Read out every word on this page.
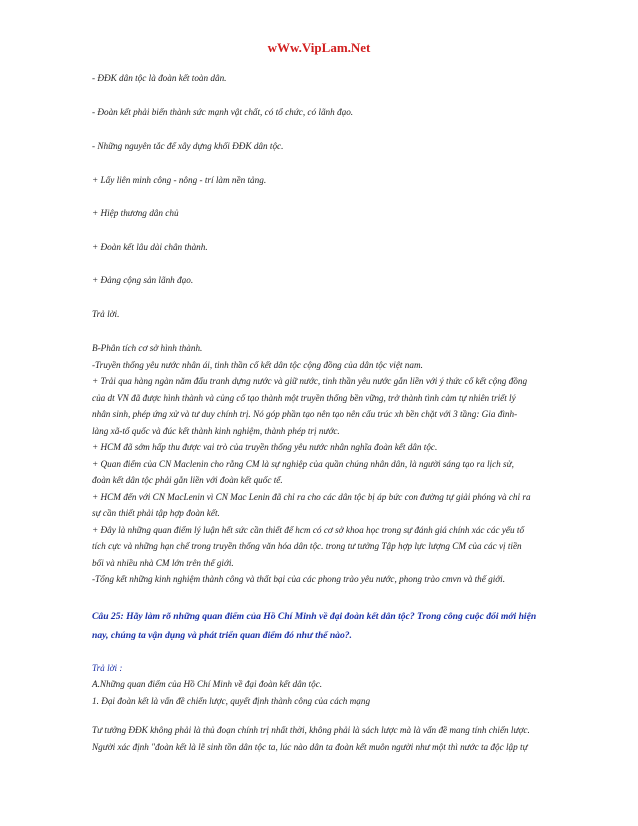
wWw.VipLam.Net
- ĐĐK dân tộc là đoàn kết toàn dân.
- Đoàn kết phải biến thành sức mạnh vật chất, có tổ chức, có lãnh đạo.
- Những nguyên tắc để xây dựng khối ĐĐK dân tộc.
+ Lấy liên minh công - nông - trí làm nền tảng.
+ Hiệp thương dân chủ
+ Đoàn kết lâu dài chân thành.
+ Đảng cộng sản lãnh đạo.
Trả lời.
B-Phân tích cơ sở hình thành.
-Truyền thống yêu nước nhân ái, tinh thần cố kết dân tộc cộng đồng của dân tộc việt nam.
+ Trải qua hàng ngàn năm đấu tranh dựng nước và giữ nước, tinh thần yêu nước gắn liền với ý thức cố kết cộng đồng
của dt VN đã được hình thành và củng cố tạo thành một truyền thống bền vững, trở thành tình cảm tự nhiên triết lý
nhân sinh, phép ứng xử và tư duy chính trị. Nó góp phần tạo nên tạo nên cấu trúc xh bền chặt với 3 tầng: Gia đình-
làng xã-tổ quốc và đúc kết thành kinh nghiệm, thành phép trị nước.
+ HCM đã sớm hấp thu được vai trò của truyền thống yêu nước nhân nghĩa đoàn kết dân tộc.
+ Quan điểm của CN Maclenin cho rằng CM là sự nghiệp của quần chúng nhân dân, là người sáng tạo ra lịch sử,
đoàn kết dân tộc phải gắn liền với đoàn kết quốc tế.
+ HCM đến với CN MacLenin vì CN Mac Lenin đã chỉ ra cho các dân tộc bị áp bức con đường tự giải phóng và chỉ ra
sự cần thiết phải tập hợp đoàn kết.
+ Đây là những quan điểm lý luận hết sức cần thiết để hcm có cơ sở khoa học trong sự đánh giá chính xác các yếu tố
tích cực và những hạn chế trong truyền thống văn hóa dân tộc. trong tư tưởng Tập hợp lực lượng CM của các vị tiền
bối và nhiều nhà CM lớn trên thế giới.
-Tổng kết những kinh nghiệm thành công và thất bại của các phong trào yêu nước, phong trào cmvn và thế giới.
Câu 25: Hãy làm rõ những quan điểm của Hồ Chí Minh về đại đoàn kết dân tộc? Trong công cuộc đổi mới hiện
nay, chúng ta vận dụng và phát triển quan điểm đó như thế nào?.
Trả lời :
A.Những quan điểm của Hồ Chí Minh về đại đoàn kết dân tộc.
1. Đại đoàn kết là vấn đề chiến lược, quyết định thành công của cách mạng
Tư tưởng ĐĐK không phải là thủ đoạn chính trị nhất thời, không phải là sách lược mà là vấn đề mang tính chiến lược.
Người xác định "đoàn kết là lẽ sinh tồn dân tộc ta, lúc nào dân ta đoàn kết muôn người như một thì nước ta độc lập tự
